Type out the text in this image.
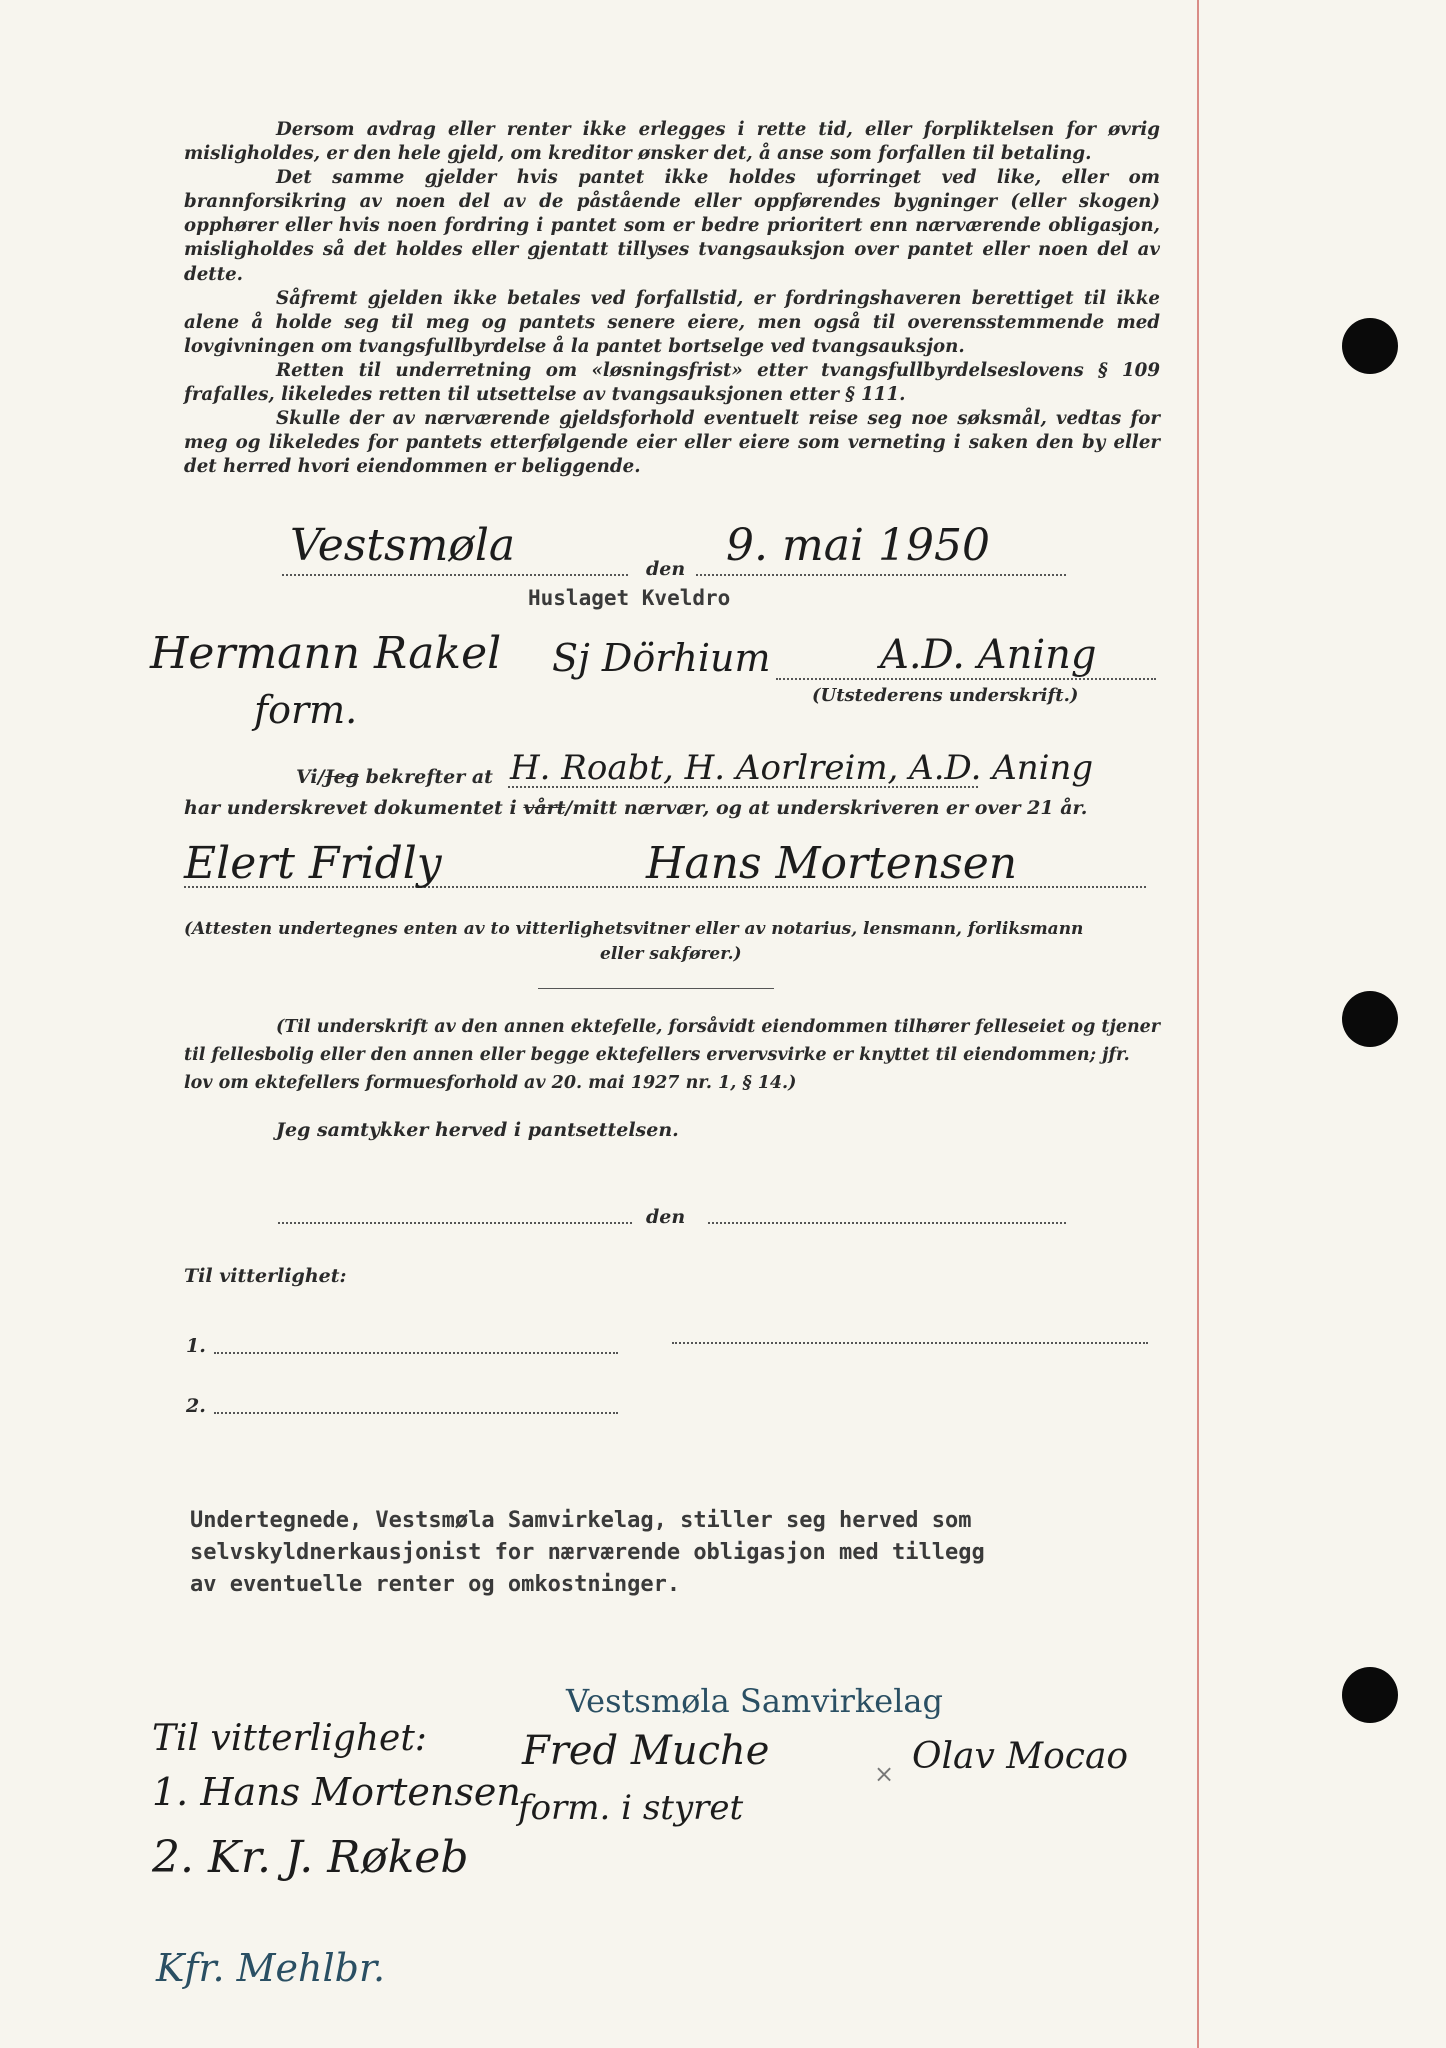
Dersom avdrag eller renter ikke erlegges i rette tid, eller forpliktelsen for øvrig misligholdes, er den hele gjeld, om kreditor ønsker det, å anse som forfallen til betaling.

Det samme gjelder hvis pantet ikke holdes uforringet ved like, eller om brannforsikring av noen del av de påstående eller oppførendes bygninger (eller skogen) opphører eller hvis noen fordring i pantet som er bedre prioritert enn nærværende obligasjon, misligholdes så det holdes eller gjentatt tillyses tvangsauksjon over pantet eller noen del av dette.

Såfremt gjelden ikke betales ved forfallstid, er fordringshaveren berettiget til ikke alene å holde seg til meg og pantets senere eiere, men også til overensstemmende med lovgivningen om tvangsfullbyrdelse å la pantet bortselge ved tvangsauksjon.

Retten til underretning om «løsningsfrist» etter tvangsfullbyrdelseslovens § 109 frafalles, likeledes retten til utsettelse av tvangsauksjonen etter § 111.

Skulle der av nærværende gjeldsforhold eventuelt reise seg noe søksmål, vedtas for meg og likeledes for pantets etterfølgende eier eller eiere som verneting i saken den by eller det herred hvori eiendommen er beliggende.

Vestsmøla	den 9. mai 1950
Huslaget Kveldro
Hermann Rakel
form.
Sj Dörhium	A.D. Aning
(Utstederens underskrift.)
Vi/Jeg bekrefter at H. Roabt, H. Aorlreim, A.D. Aning
har underskrevet dokumentet i vårt/mitt nærvær, og at underskriveren er over 21 år.
Elert Fridly	Hans Mortensen
(Attesten undertegnes enten av to vitterlighetsvitner eller av notarius, lensmann, forliksmann
eller sakfører.)
(Til underskrift av den annen ektefelle, forsåvidt eiendommen tilhører felleseiet og tjener
til fellesbolig eller den annen eller begge ektefellers ervervsvirke er knyttet til eiendommen; jfr.
lov om ektefellers formuesforhold av 20. mai 1927 nr. 1, § 14.)
Jeg samtykker herved i pantsettelsen.
den
Til vitterlighet:
1.
2.
Undertegnede, Vestsmøla Samvirkelag, stiller seg herved som
selvskyldnerkausjonist for nærværende obligasjon med tillegg
av eventuelle renter og omkostninger.
Vestsmøla Samvirkelag
Fred Muche
form. i styret
× Olav Mocao
Til vitterlighet:
1. Hans Mortensen
2. Kr. J. Røkeb
Kfr. Mehlbr.
